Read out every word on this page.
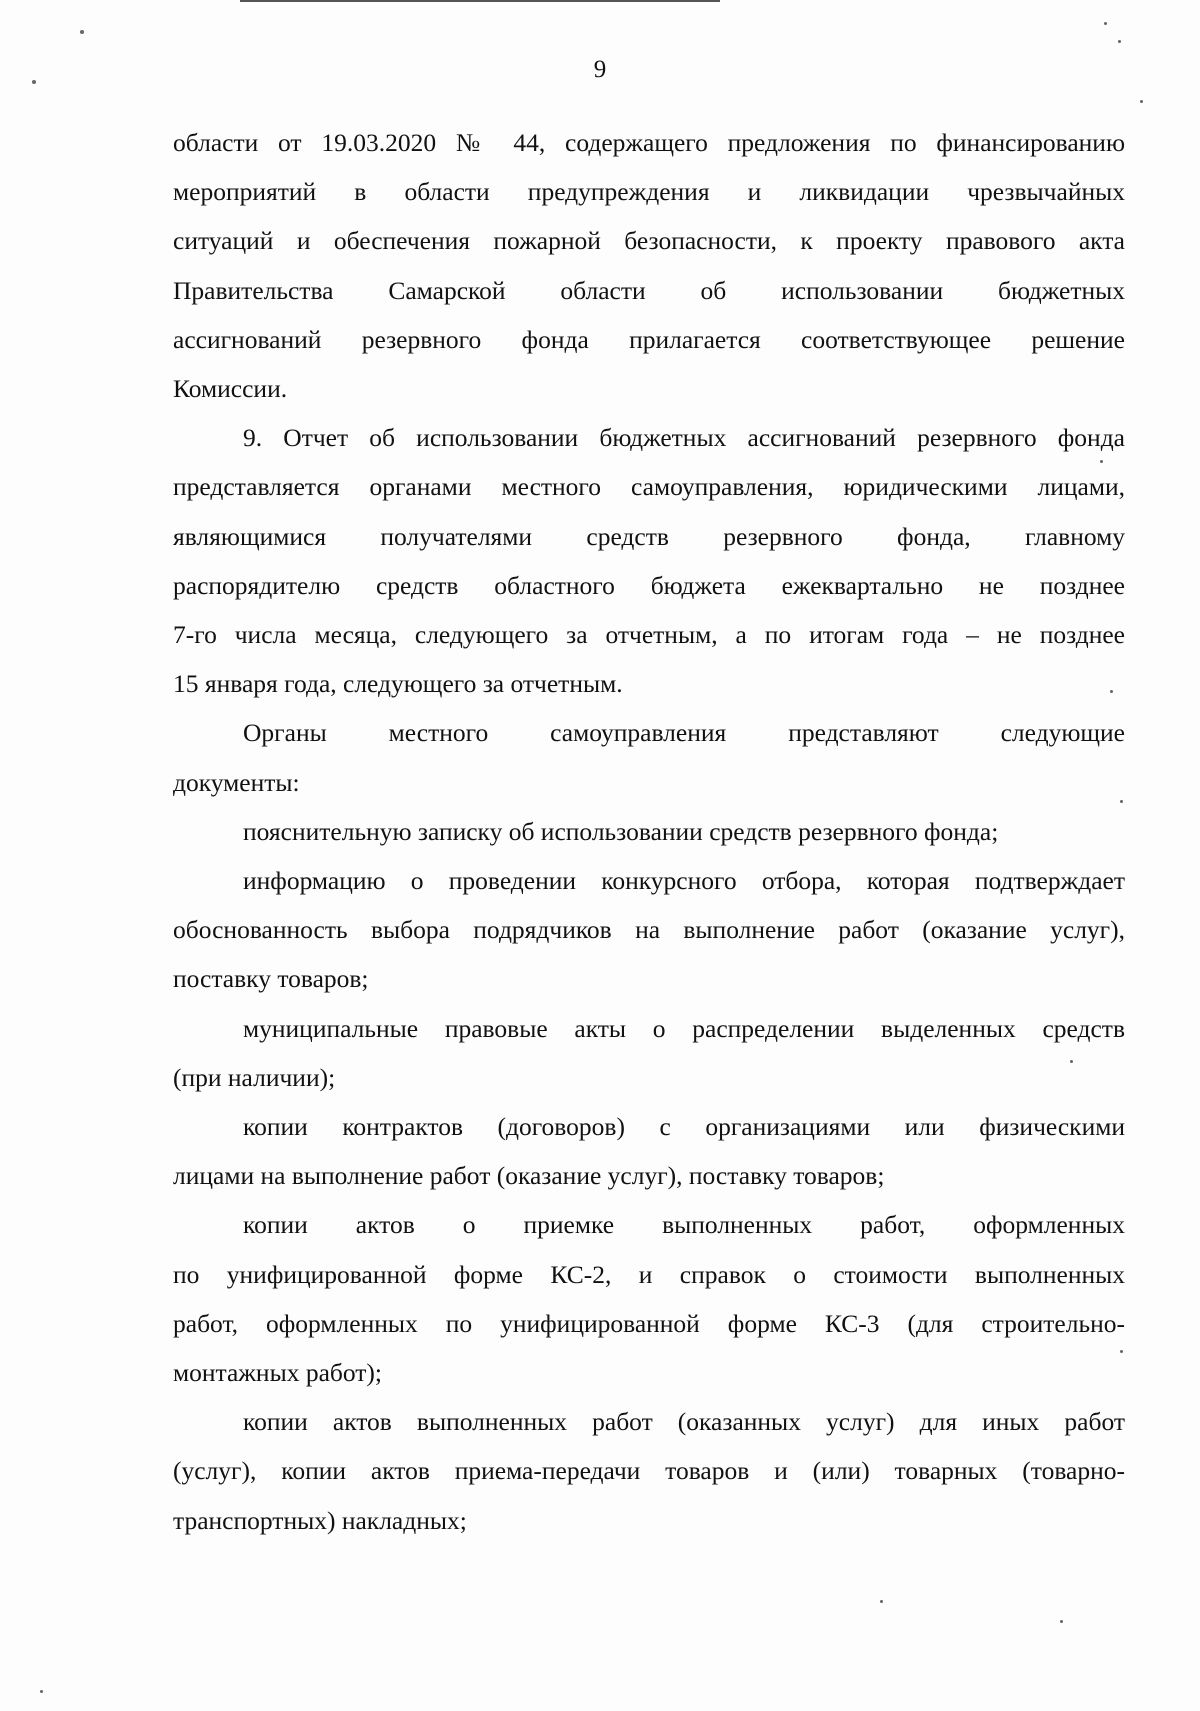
9
области от 19.03.2020 № 44, содержащего предложения по финансированию
мероприятий в области предупреждения и ликвидации чрезвычайных
ситуаций и обеспечения пожарной безопасности, к проекту правового акта
Правительства Самарской области об использовании бюджетных
ассигнований резервного фонда прилагается соответствующее решение
Комиссии.
9. Отчет об использовании бюджетных ассигнований резервного фонда
представляется органами местного самоуправления, юридическими лицами,
являющимися получателями средств резервного фонда, главному
распорядителю средств областного бюджета ежеквартально не позднее
7-го числа месяца, следующего за отчетным, а по итогам года – не позднее
15 января года, следующего за отчетным.
Органы местного самоуправления представляют следующие
документы:
пояснительную записку об использовании средств резервного фонда;
информацию о проведении конкурсного отбора, которая подтверждает
обоснованность выбора подрядчиков на выполнение работ (оказание услуг),
поставку товаров;
муниципальные правовые акты о распределении выделенных средств
(при наличии);
копии контрактов (договоров) с организациями или физическими
лицами на выполнение работ (оказание услуг), поставку товаров;
копии актов о приемке выполненных работ, оформленных
по унифицированной форме КС-2, и справок о стоимости выполненных
работ, оформленных по унифицированной форме КС-3 (для строительно-
монтажных работ);
копии актов выполненных работ (оказанных услуг) для иных работ
(услуг), копии актов приема-передачи товаров и (или) товарных (товарно-
транспортных) накладных;
